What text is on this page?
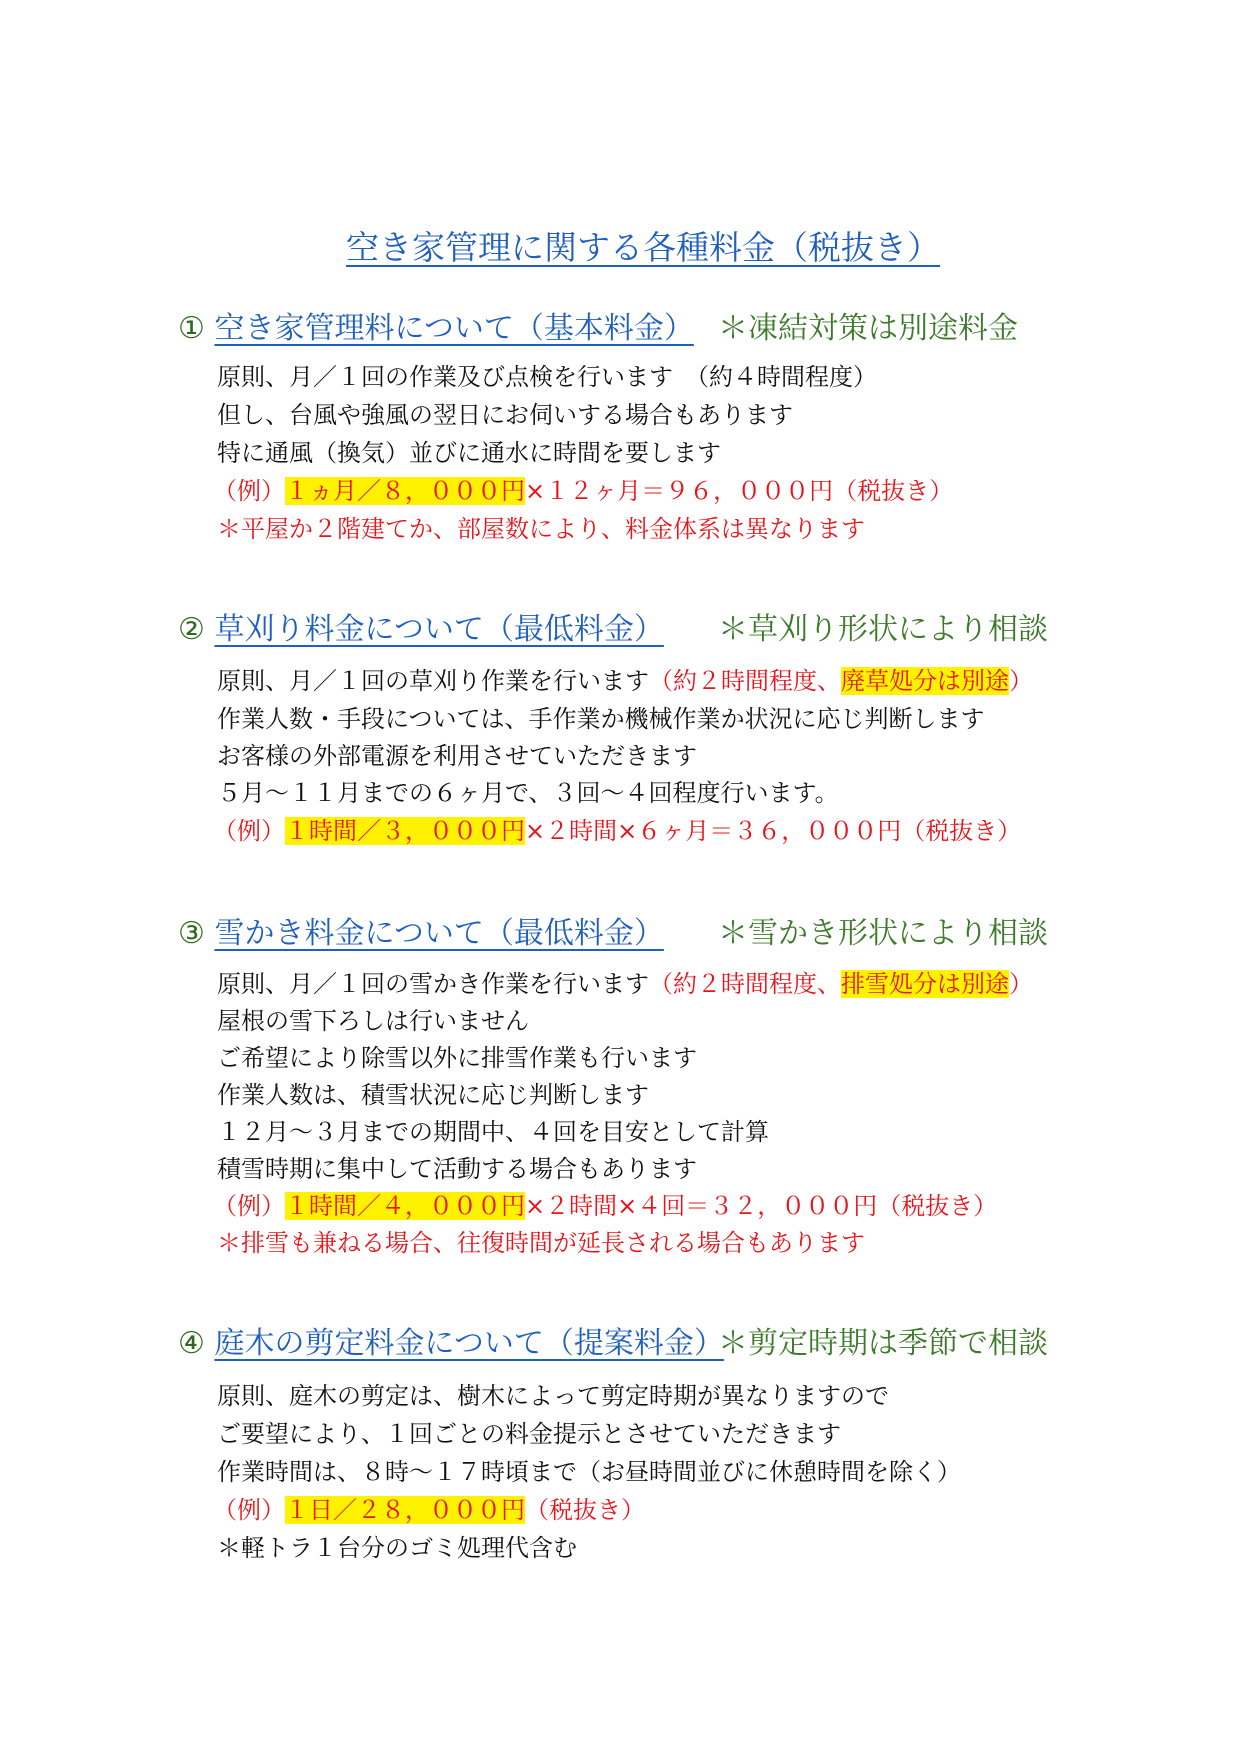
空き家管理に関する各種料金（税抜き）
① 空き家管理料について（基本料金） ＊凍結対策は別途料金
原則、月／１回の作業及び点検を行います　（約４時間程度）
但し、台風や強風の翌日にお伺いする場合もあります
特に通風（換気）並びに通水に時間を要します
（例）１ヵ月／８，０００円×１２ヶ月＝９６，０００円（税抜き）
＊平屋か２階建てか、部屋数により、料金体系は異なります
② 草刈り料金について（最低料金） ＊草刈り形状により相談
原則、月／１回の草刈り作業を行います（約２時間程度、廃草処分は別途）
作業人数・手段については、手作業か機械作業か状況に応じ判断します
お客様の外部電源を利用させていただきます
５月～１１月までの６ヶ月で、３回～４回程度行います。
（例）１時間／３，０００円×２時間×６ヶ月＝３６，０００円（税抜き）
③ 雪かき料金について（最低料金） ＊雪かき形状により相談
原則、月／１回の雪かき作業を行います（約２時間程度、排雪処分は別途）
屋根の雪下ろしは行いません
ご希望により除雪以外に排雪作業も行います
作業人数は、積雪状況に応じ判断します
１２月～３月までの期間中、４回を目安として計算
積雪時期に集中して活動する場合もあります
（例）１時間／４，０００円×２時間×４回＝３２，０００円（税抜き）
＊排雪も兼ねる場合、往復時間が延長される場合もあります
④ 庭木の剪定料金について（提案料金）
＊剪定時期は季節で相談
原則、庭木の剪定は、樹木によって剪定時期が異なりますので
ご要望により、１回ごとの料金提示とさせていただきます
作業時間は、８時～１７時頃まで（お昼時間並びに休憩時間を除く）
（例）１日／２８，０００円（税抜き）
＊軽トラ１台分のゴミ処理代含む
